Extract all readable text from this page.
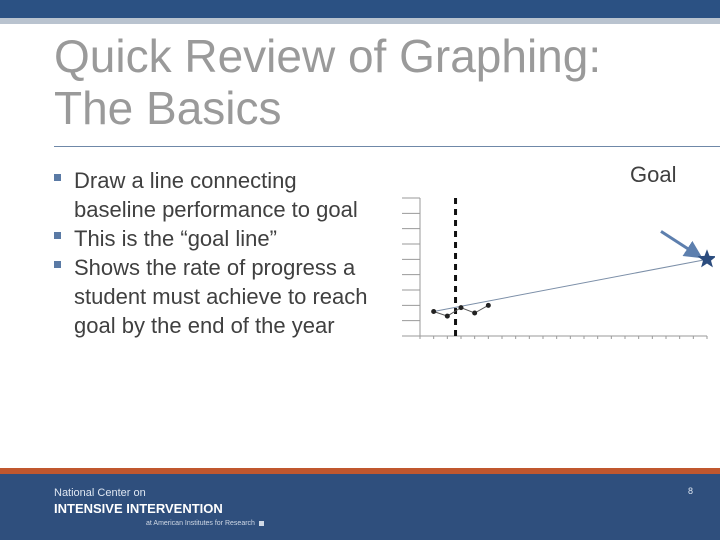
Quick Review of Graphing:
The Basics
Draw a line connecting baseline performance to goal
This is the “goal line”
Shows the rate of progress a student must achieve to reach goal by the end of the year
Goal
National Center on
INTENSIVE INTERVENTION
at American Institutes for Research
8
